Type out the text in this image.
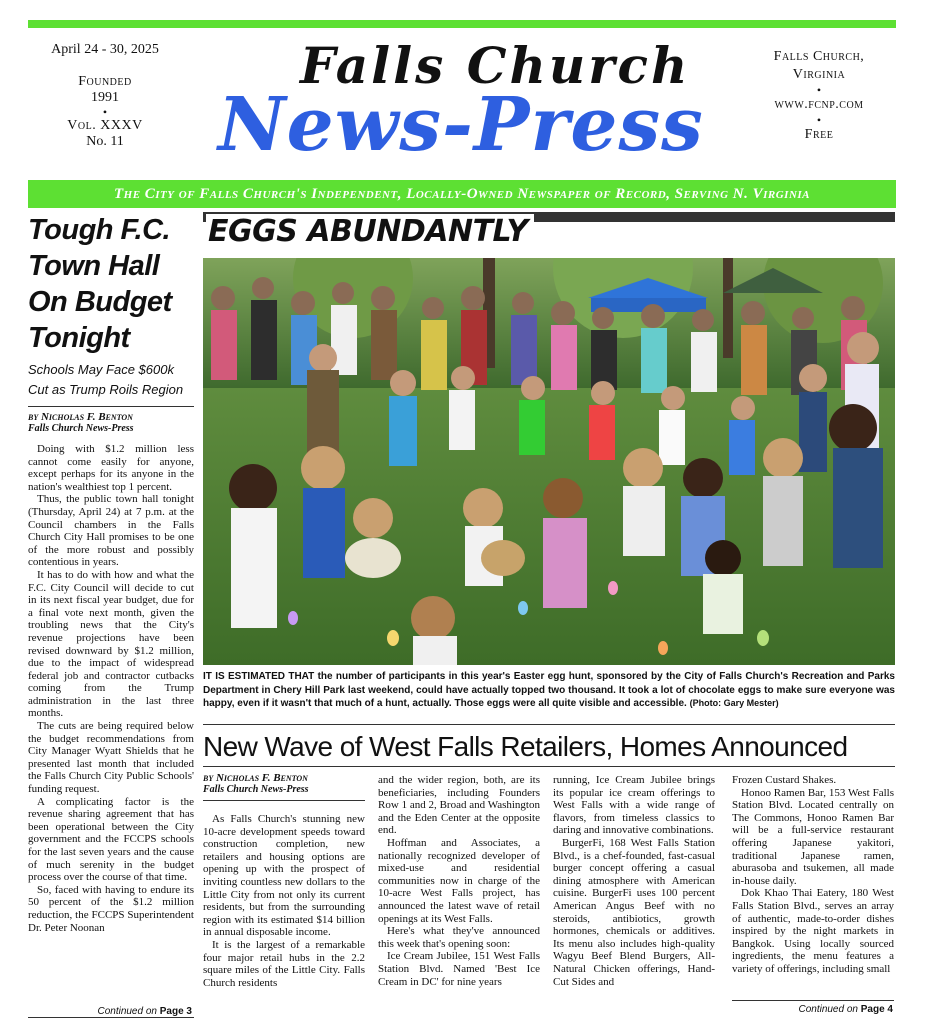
April 24 - 30, 2025
Founded
1991
•
Vol. XXXV
No. 11
Falls Church
News-Press
Falls Church,
Virginia
•
www.fcnp.com
•
Free
The City of Falls Church's Independent, Locally-Owned Newspaper of Record, Serving N. Virginia
Tough F.C. Town Hall On Budget Tonight
Schools May Face $600k Cut as Trump Roils Region
by Nicholas F. Benton
Falls Church News-Press

Doing with $1.2 million less cannot come easily for anyone, except perhaps for its anyone in the nation's wealthiest top 1 percent.

Thus, the public town hall tonight (Thursday, April 24) at 7 p.m. at the Council chambers in the Falls Church City Hall promises to be one of the more robust and possibly contentious in years.

It has to do with how and what the F.C. City Council will decide to cut in its next fiscal year budget, due for a final vote next month, given the troubling news that the City's revenue projections have been revised downward by $1.2 million, due to the impact of widespread federal job and contractor cutbacks coming from the Trump administration in the last three months.

The cuts are being required below the budget recommendations from City Manager Wyatt Shields that he presented last month that included the Falls Church City Public Schools' funding request.

A complicating factor is the revenue sharing agreement that has been operational between the City government and the FCCPS schools for the last seven years and the cause of much serenity in the budget process over the course of that time.

So, faced with having to endure its 50 percent of the $1.2 million reduction, the FCCPS Superintendent Dr. Peter Noonan

Continued on Page 3
EGGS ABUNDANTLY
IT IS ESTIMATED THAT the number of participants in this year's Easter egg hunt, sponsored by the City of Falls Church's Recreation and Parks Department in Chery Hill Park last weekend, could have actually topped two thousand. It took a lot of chocolate eggs to make sure everyone was happy, even if it wasn't that much of a hunt, actually. Those eggs were all quite visible and accessible. (Photo: Gary Mester)
New Wave of West Falls Retailers, Homes Announced
by Nicholas F. Benton
Falls Church News-Press

As Falls Church's stunning new 10-acre development speeds toward construction completion, new retailers and housing options are opening up with the prospect of inviting countless new dollars to the Little City from not only its current residents, but from the surrounding region with its estimated $14 billion in annual disposable income.

It is the largest of a remarkable four major retail hubs in the 2.2 square miles of the Little City. Falls Church residents

and the wider region, both, are its beneficiaries, including Founders Row 1 and 2, Broad and Washington and the Eden Center at the opposite end.

Hoffman and Associates, a nationally recognized developer of mixed-use and residential communities now in charge of the 10-acre West Falls project, has announced the latest wave of retail openings at its West Falls.

Here's what they've announced this week that's opening soon:

Ice Cream Jubilee, 151 West Falls Station Blvd. Named 'Best Ice Cream in DC' for nine years

running, Ice Cream Jubilee brings its popular ice cream offerings to West Falls with a wide range of flavors, from timeless classics to daring and innovative combinations.

BurgerFi, 168 West Falls Station Blvd., is a chef-founded, fast-casual burger concept offering a casual dining atmosphere with American cuisine. BurgerFi uses 100 percent American Angus Beef with no steroids, antibiotics, growth hormones, chemicals or additives. Its menu also includes high-quality Wagyu Beef Blend Burgers, All-Natural Chicken offerings, Hand-Cut Sides and

Frozen Custard Shakes.

Honoo Ramen Bar, 153 West Falls Station Blvd. Located centrally on The Commons, Honoo Ramen Bar will be a full-service restaurant offering Japanese yakitori, traditional Japanese ramen, aburasoba and tsukemen, all made in-house daily.

Dok Khao Thai Eatery, 180 West Falls Station Blvd., serves an array of authentic, made-to-order dishes inspired by the night markets in Bangkok. Using locally sourced ingredients, the menu features a variety of offerings, including small

Continued on Page 4
